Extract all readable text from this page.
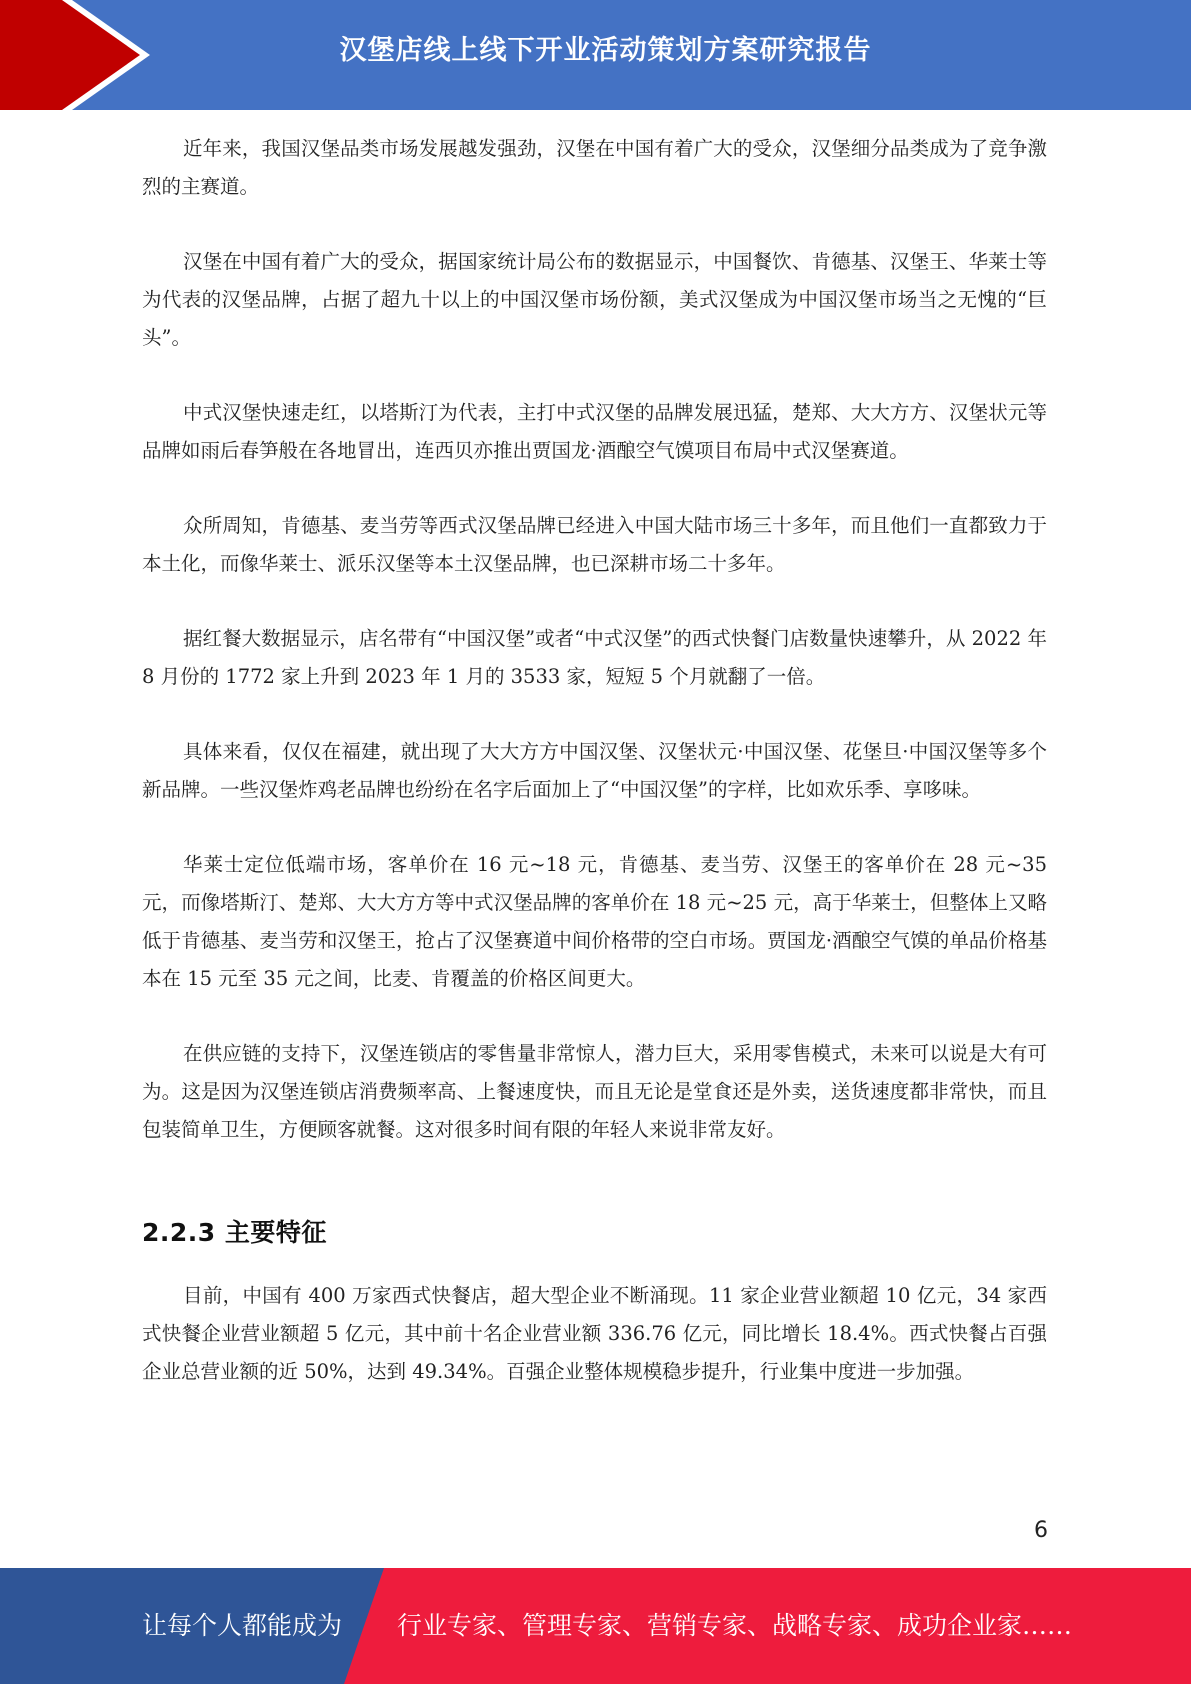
汉堡店线上线下开业活动策划方案研究报告

近年来，我国汉堡品类市场发展越发强劲，汉堡在中国有着广大的受众，汉堡细分品类成为了竞争激烈的主赛道。

汉堡在中国有着广大的受众，据国家统计局公布的数据显示，中国餐饮、肯德基、汉堡王、华莱士等为代表的汉堡品牌，占据了超九十以上的中国汉堡市场份额，美式汉堡成为中国汉堡市场当之无愧的“巨头”。

中式汉堡快速走红，以塔斯汀为代表，主打中式汉堡的品牌发展迅猛，楚郑、大大方方、汉堡状元等品牌如雨后春笋般在各地冒出，连西贝亦推出贾国龙·酒酿空气馍项目布局中式汉堡赛道。

众所周知，肯德基、麦当劳等西式汉堡品牌已经进入中国大陆市场三十多年，而且他们一直都致力于本土化，而像华莱士、派乐汉堡等本土汉堡品牌，也已深耕市场二十多年。

据红餐大数据显示，店名带有“中国汉堡”或者“中式汉堡”的西式快餐门店数量快速攀升，从 2022 年 8 月份的 1772 家上升到 2023 年 1 月的 3533 家，短短 5 个月就翻了一倍。

具体来看，仅仅在福建，就出现了大大方方中国汉堡、汉堡状元·中国汉堡、花堡旦·中国汉堡等多个新品牌。一些汉堡炸鸡老品牌也纷纷在名字后面加上了“中国汉堡”的字样，比如欢乐季、享哆味。

华莱士定位低端市场，客单价在 16 元~18 元，肯德基、麦当劳、汉堡王的客单价在 28 元~35 元，而像塔斯汀、楚郑、大大方方等中式汉堡品牌的客单价在 18 元~25 元，高于华莱士，但整体上又略低于肯德基、麦当劳和汉堡王，抢占了汉堡赛道中间价格带的空白市场。贾国龙·酒酿空气馍的单品价格基本在 15 元至 35 元之间，比麦、肯覆盖的价格区间更大。

在供应链的支持下，汉堡连锁店的零售量非常惊人，潜力巨大，采用零售模式，未来可以说是大有可为。这是因为汉堡连锁店消费频率高、上餐速度快，而且无论是堂食还是外卖，送货速度都非常快，而且包装简单卫生，方便顾客就餐。这对很多时间有限的年轻人来说非常友好。

2.2.3 主要特征

目前，中国有 400 万家西式快餐店，超大型企业不断涌现。11 家企业营业额超 10 亿元，34 家西式快餐企业营业额超 5 亿元，其中前十名企业营业额 336.76 亿元，同比增长 18.4%。西式快餐占百强企业总营业额的近 50%，达到 49.34%。百强企业整体规模稳步提升，行业集中度进一步加强。

6
让每个人都能成为 行业专家、管理专家、营销专家、战略专家、成功企业家……
